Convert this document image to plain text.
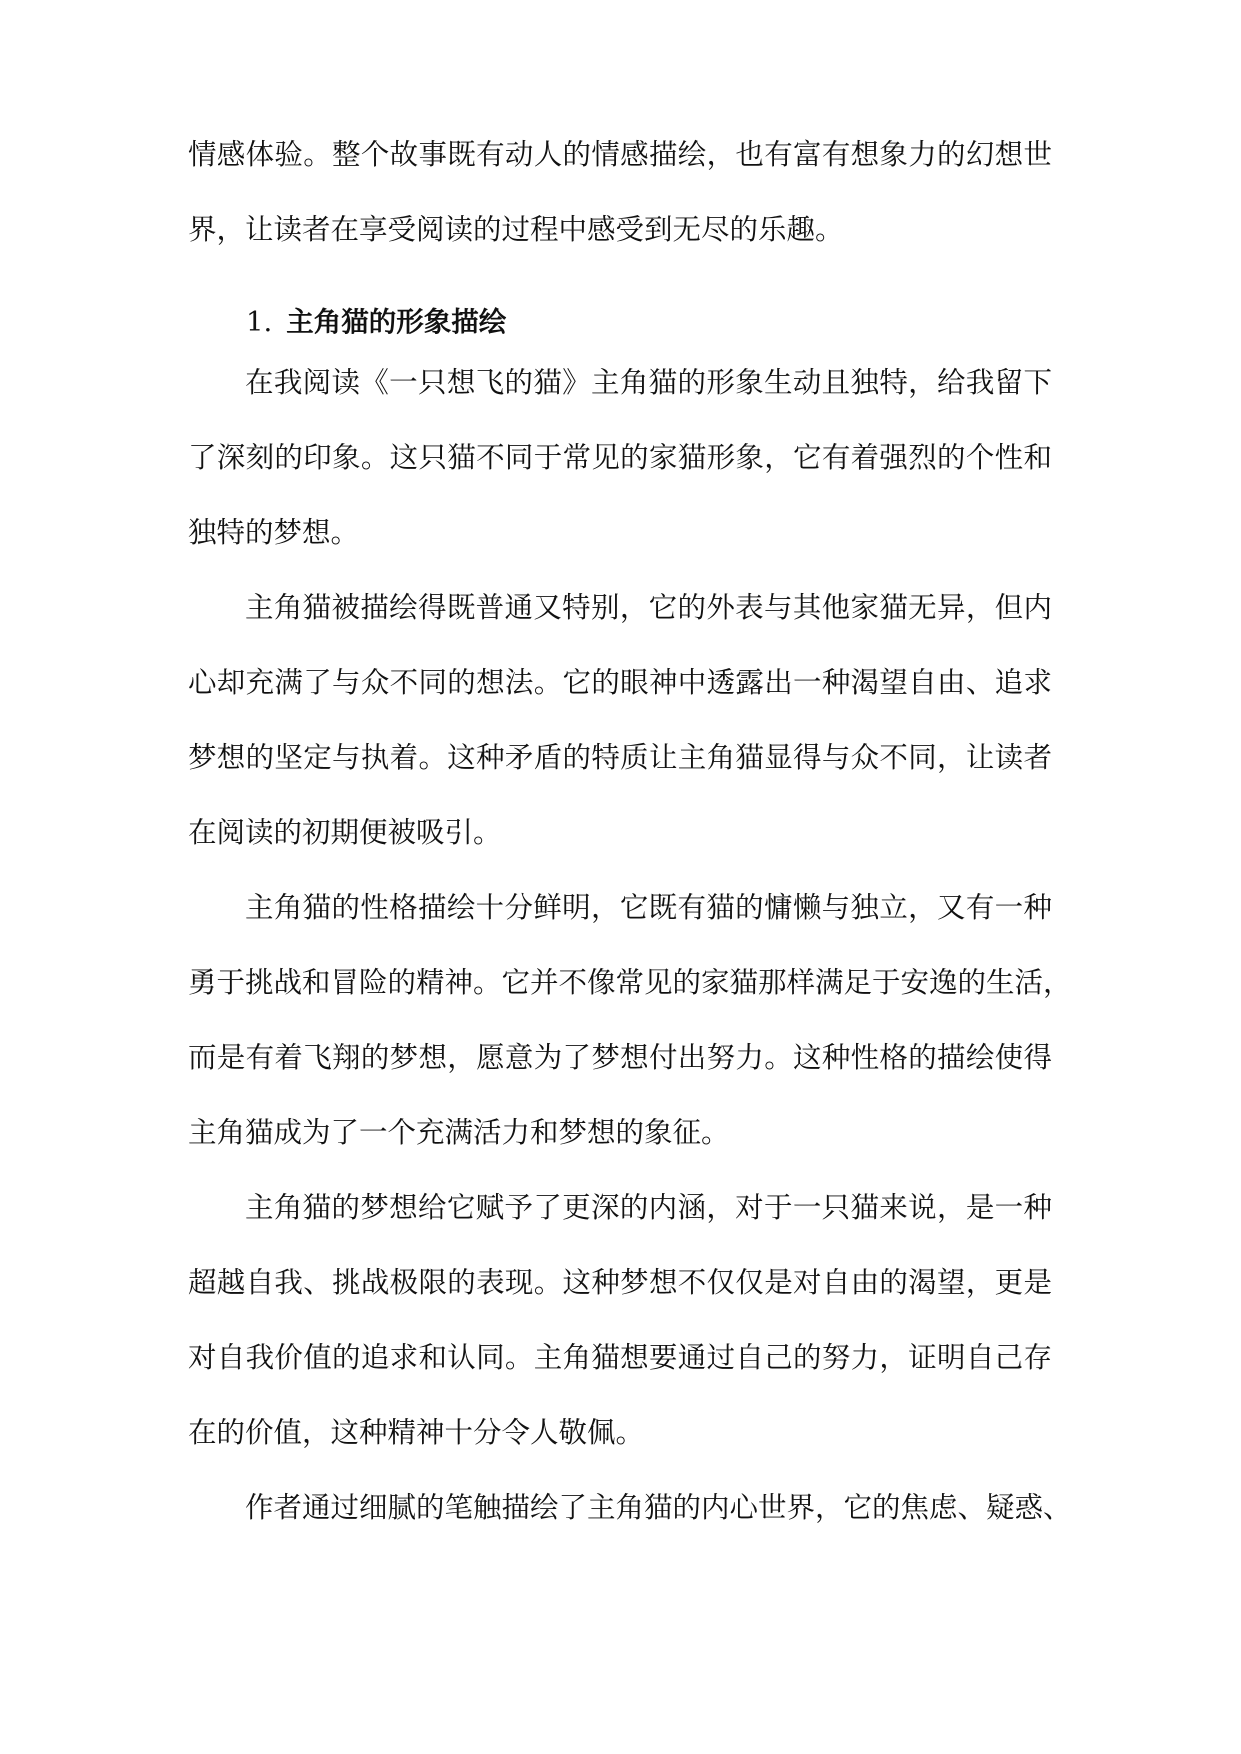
情感体验。整个故事既有动人的情感描绘，也有富有想象力的幻想世
界，让读者在享受阅读的过程中感受到无尽的乐趣。

1. 主角猫的形象描绘

在我阅读《一只想飞的猫》主角猫的形象生动且独特，给我留下
了深刻的印象。这只猫不同于常见的家猫形象，它有着强烈的个性和
独特的梦想。

主角猫被描绘得既普通又特别，它的外表与其他家猫无异，但内
心却充满了与众不同的想法。它的眼神中透露出一种渴望自由、追求
梦想的坚定与执着。这种矛盾的特质让主角猫显得与众不同，让读者
在阅读的初期便被吸引。

主角猫的性格描绘十分鲜明，它既有猫的慵懒与独立，又有一种
勇于挑战和冒险的精神。它并不像常见的家猫那样满足于安逸的生活，
而是有着飞翔的梦想，愿意为了梦想付出努力。这种性格的描绘使得
主角猫成为了一个充满活力和梦想的象征。

主角猫的梦想给它赋予了更深的内涵，对于一只猫来说，是一种
超越自我、挑战极限的表现。这种梦想不仅仅是对自由的渴望，更是
对自我价值的追求和认同。主角猫想要通过自己的努力，证明自己存
在的价值，这种精神十分令人敬佩。

作者通过细腻的笔触描绘了主角猫的内心世界，它的焦虑、疑惑、
